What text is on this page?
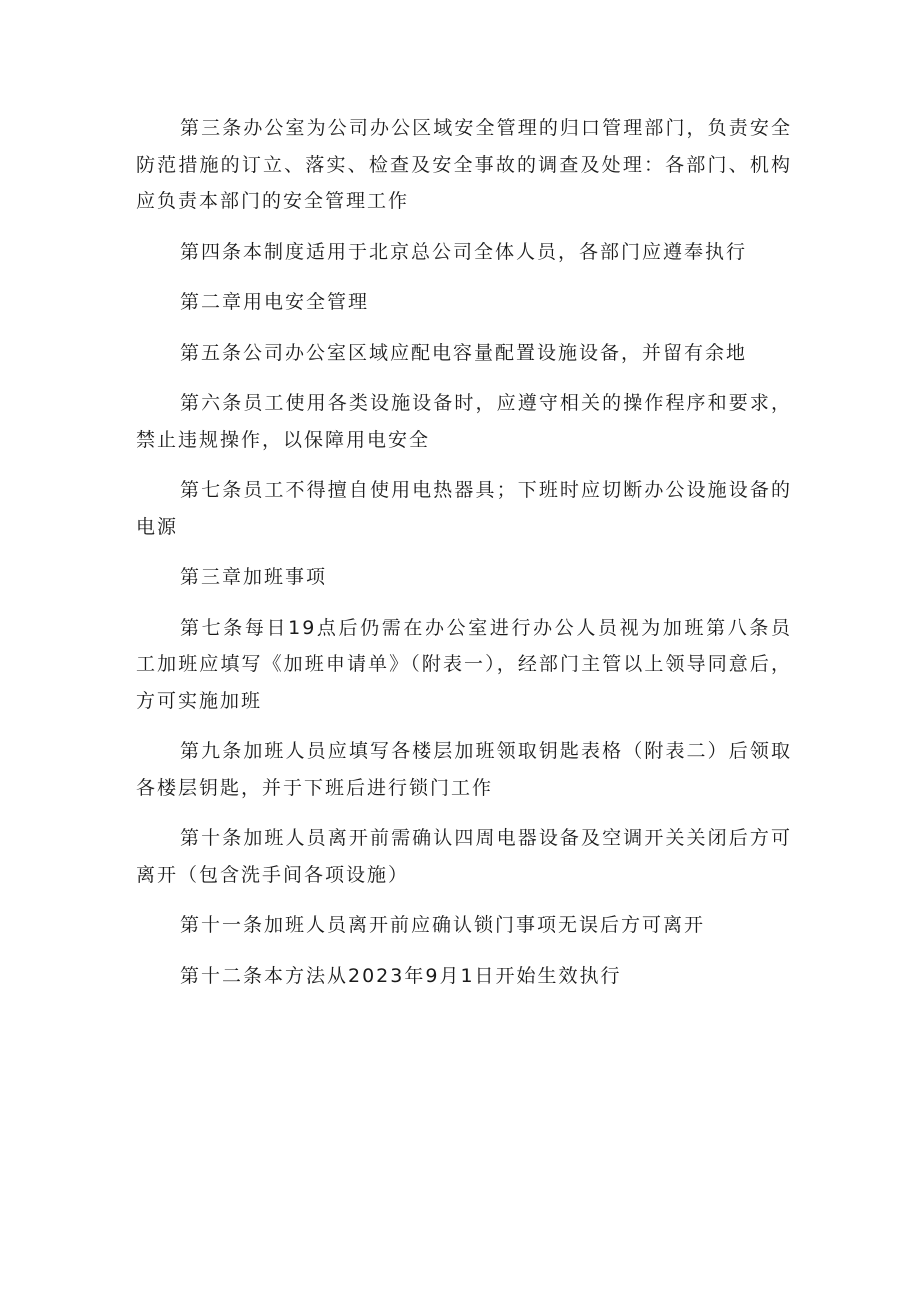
第三条办公室为公司办公区域安全管理的归口管理部门，负责安全防范措施的订立、落实、检查及安全事故的调查及处理：各部门、机构应负责本部门的安全管理工作

第四条本制度适用于北京总公司全体人员，各部门应遵奉执行

第二章用电安全管理

第五条公司办公室区域应配电容量配置设施设备，并留有余地

第六条员工使用各类设施设备时，应遵守相关的操作程序和要求，禁止违规操作，以保障用电安全

第七条员工不得擅自使用电热器具；下班时应切断办公设施设备的电源

第三章加班事项

第七条每日19点后仍需在办公室进行办公人员视为加班第八条员工加班应填写《加班申请单》（附表一），经部门主管以上领导同意后，方可实施加班

第九条加班人员应填写各楼层加班领取钥匙表格（附表二）后领取各楼层钥匙，并于下班后进行锁门工作

第十条加班人员离开前需确认四周电器设备及空调开关关闭后方可离开（包含洗手间各项设施）

第十一条加班人员离开前应确认锁门事项无误后方可离开

第十二条本方法从2023年9月1日开始生效执行
